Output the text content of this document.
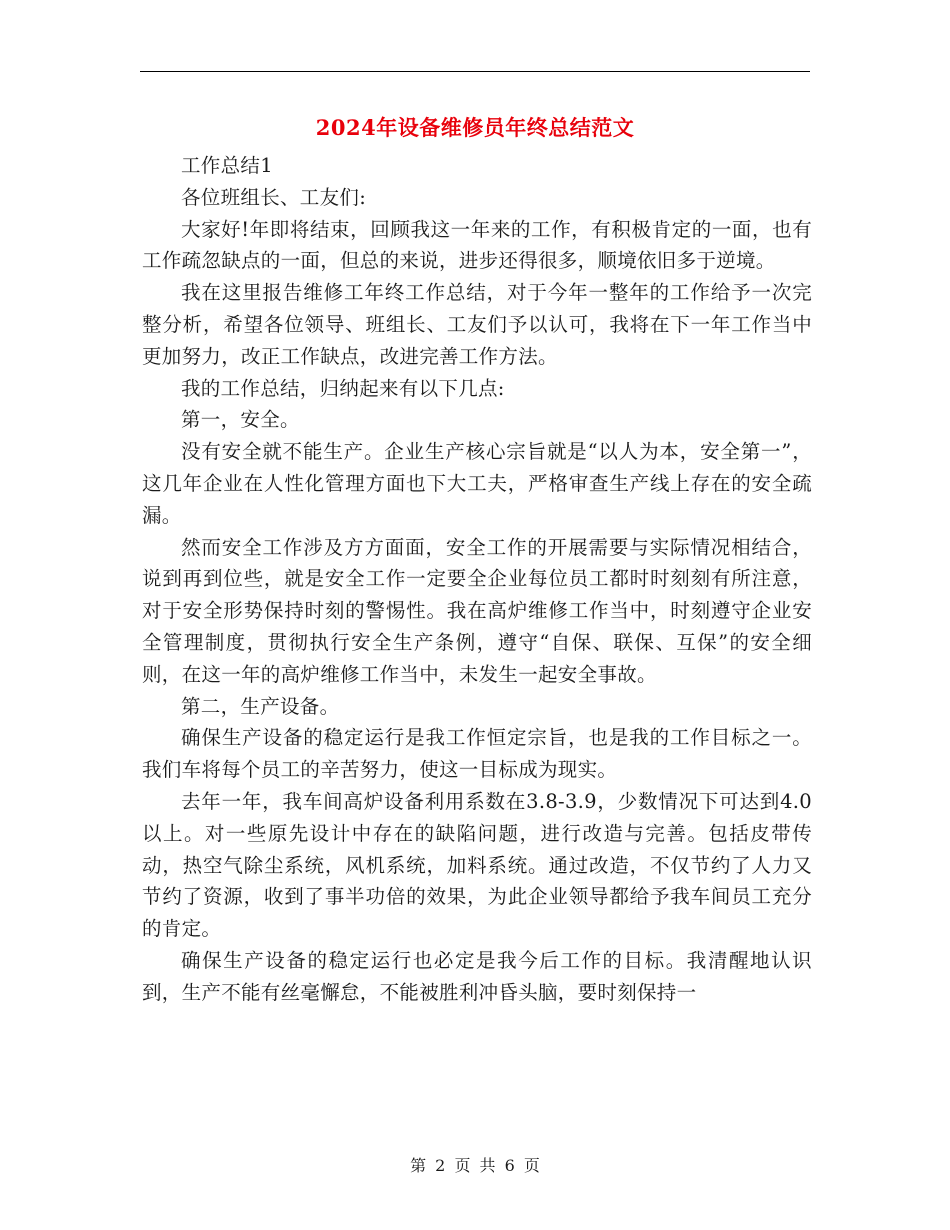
2024年设备维修员年终总结范文

工作总结1

各位班组长、工友们:

大家好!年即将结束，回顾我这一年来的工作，有积极肯定的一面，也有工作疏忽缺点的一面，但总的来说，进步还得很多，顺境依旧多于逆境。

我在这里报告维修工年终工作总结，对于今年一整年的工作给予一次完整分析，希望各位领导、班组长、工友们予以认可，我将在下一年工作当中更加努力，改正工作缺点，改进完善工作方法。

我的工作总结，归纳起来有以下几点:

第一，安全。

没有安全就不能生产。企业生产核心宗旨就是“以人为本，安全第一”，这几年企业在人性化管理方面也下大工夫，严格审查生产线上存在的安全疏漏。

然而安全工作涉及方方面面，安全工作的开展需要与实际情况相结合，说到再到位些，就是安全工作一定要全企业每位员工都时时刻刻有所注意，对于安全形势保持时刻的警惕性。我在高炉维修工作当中，时刻遵守企业安全管理制度，贯彻执行安全生产条例，遵守“自保、联保、互保”的安全细则，在这一年的高炉维修工作当中，未发生一起安全事故。

第二，生产设备。

确保生产设备的稳定运行是我工作恒定宗旨，也是我的工作目标之一。我们车将每个员工的辛苦努力，使这一目标成为现实。

去年一年，我车间高炉设备利用系数在3.8-3.9，少数情况下可达到4.0以上。对一些原先设计中存在的缺陷问题，进行改造与完善。包括皮带传动，热空气除尘系统，风机系统，加料系统。通过改造，不仅节约了人力又节约了资源，收到了事半功倍的效果，为此企业领导都给予我车间员工充分的肯定。

确保生产设备的稳定运行也必定是我今后工作的目标。我清醒地认识到，生产不能有丝毫懈怠，不能被胜利冲昏头脑，要时刻保持一

第 2 页 共 6 页
